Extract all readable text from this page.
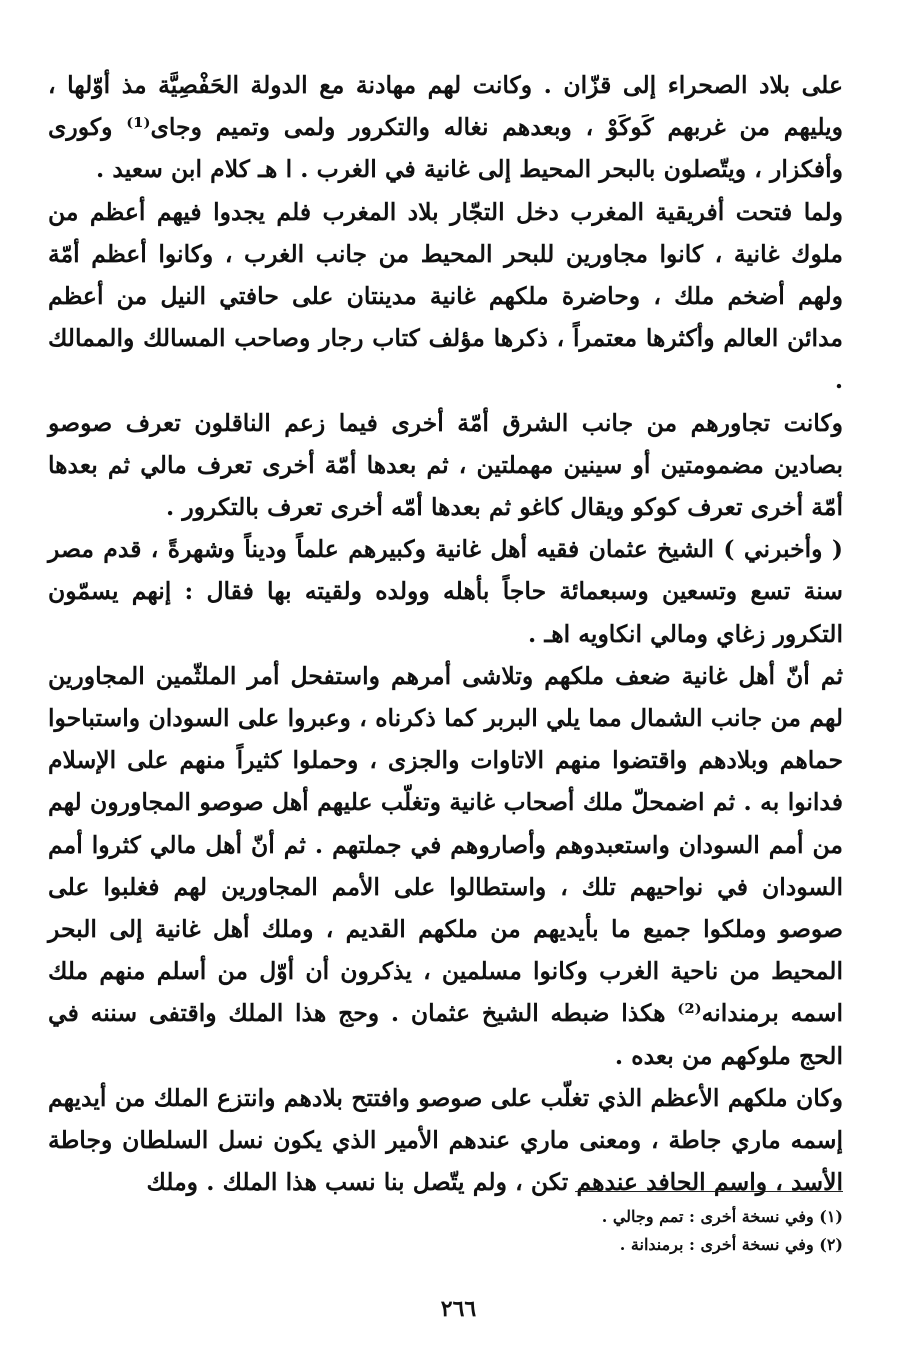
على بلاد الصحراء إلى قزّان . وكانت لهم مهادنة مع الدولة الحَفْصِيَّة مذ أوّلها ، ويليهم من غربهم كَوكَوْ ، وبعدهم نغاله والتكرور ولمى وتميم وجاى⁽¹⁾ وكورى وأفكزار ، ويتّصلون بالبحر المحيط إلى غانية في الغرب . ا هـ كلام ابن سعيد .

ولما فتحت أفريقية المغرب دخل التجّار بلاد المغرب فلم يجدوا فيهم أعظم من ملوك غانية ، كانوا مجاورين للبحر المحيط من جانب الغرب ، وكانوا أعظم أمّة ولهم أضخم ملك ، وحاضرة ملكهم غانية مدينتان على حافتي النيل من أعظم مدائن العالم وأكثرها معتمراً ، ذكرها مؤلف كتاب رجار وصاحب المسالك والممالك .

وكانت تجاورهم من جانب الشرق أمّة أخرى فيما زعم الناقلون تعرف صوصو بصادين مضمومتين أو سينين مهملتين ، ثم بعدها أمّة أخرى تعرف مالي ثم بعدها أمّة أخرى تعرف كوكو ويقال كاغو ثم بعدها أمّه أخرى تعرف بالتكرور .

( وأخبرني ) الشيخ عثمان فقيه أهل غانية وكبيرهم علماً وديناً وشهرةً ، قدم مصر سنة تسع وتسعين وسبعمائة حاجاً بأهله وولده ولقيته بها فقال : إنهم يسمّون التكرور زغاي ومالي انكاويه اهـ .

ثم أنّ أهل غانية ضعف ملكهم وتلاشى أمرهم واستفحل أمر الملثّمين المجاورين لهم من جانب الشمال مما يلي البربر كما ذكرناه ، وعبروا على السودان واستباحوا حماهم وبلادهم واقتضوا منهم الاتاوات والجزى ، وحملوا كثيراً منهم على الإسلام فدانوا به . ثم اضمحلّ ملك أصحاب غانية وتغلّب عليهم أهل صوصو المجاورون لهم من أمم السودان واستعبدوهم وأصاروهم في جملتهم . ثم أنّ أهل مالي كثروا أمم السودان في نواحيهم تلك ، واستطالوا على الأمم المجاورين لهم فغلبوا على صوصو وملكوا جميع ما بأيديهم من ملكهم القديم ، وملك أهل غانية إلى البحر المحيط من ناحية الغرب وكانوا مسلمين ، يذكرون أن أوّل من أسلم منهم ملك اسمه برمندانه⁽²⁾ هكذا ضبطه الشيخ عثمان . وحج هذا الملك واقتفى سننه في الحج ملوكهم من بعده .

وكان ملكهم الأعظم الذي تغلّب على صوصو وافتتح بلادهم وانتزع الملك من أيديهم إسمه ماري جاطة ، ومعنى ماري عندهم الأمير الذي يكون نسل السلطان وجاطة الأسد ، واسم الحافد عندهم تكن ، ولم يتّصل بنا نسب هذا الملك . وملك

(١) وفي نسخة أخرى : تمم وجالي .

(٢) وفي نسخة أخرى : برمندانة .

٢٦٦
